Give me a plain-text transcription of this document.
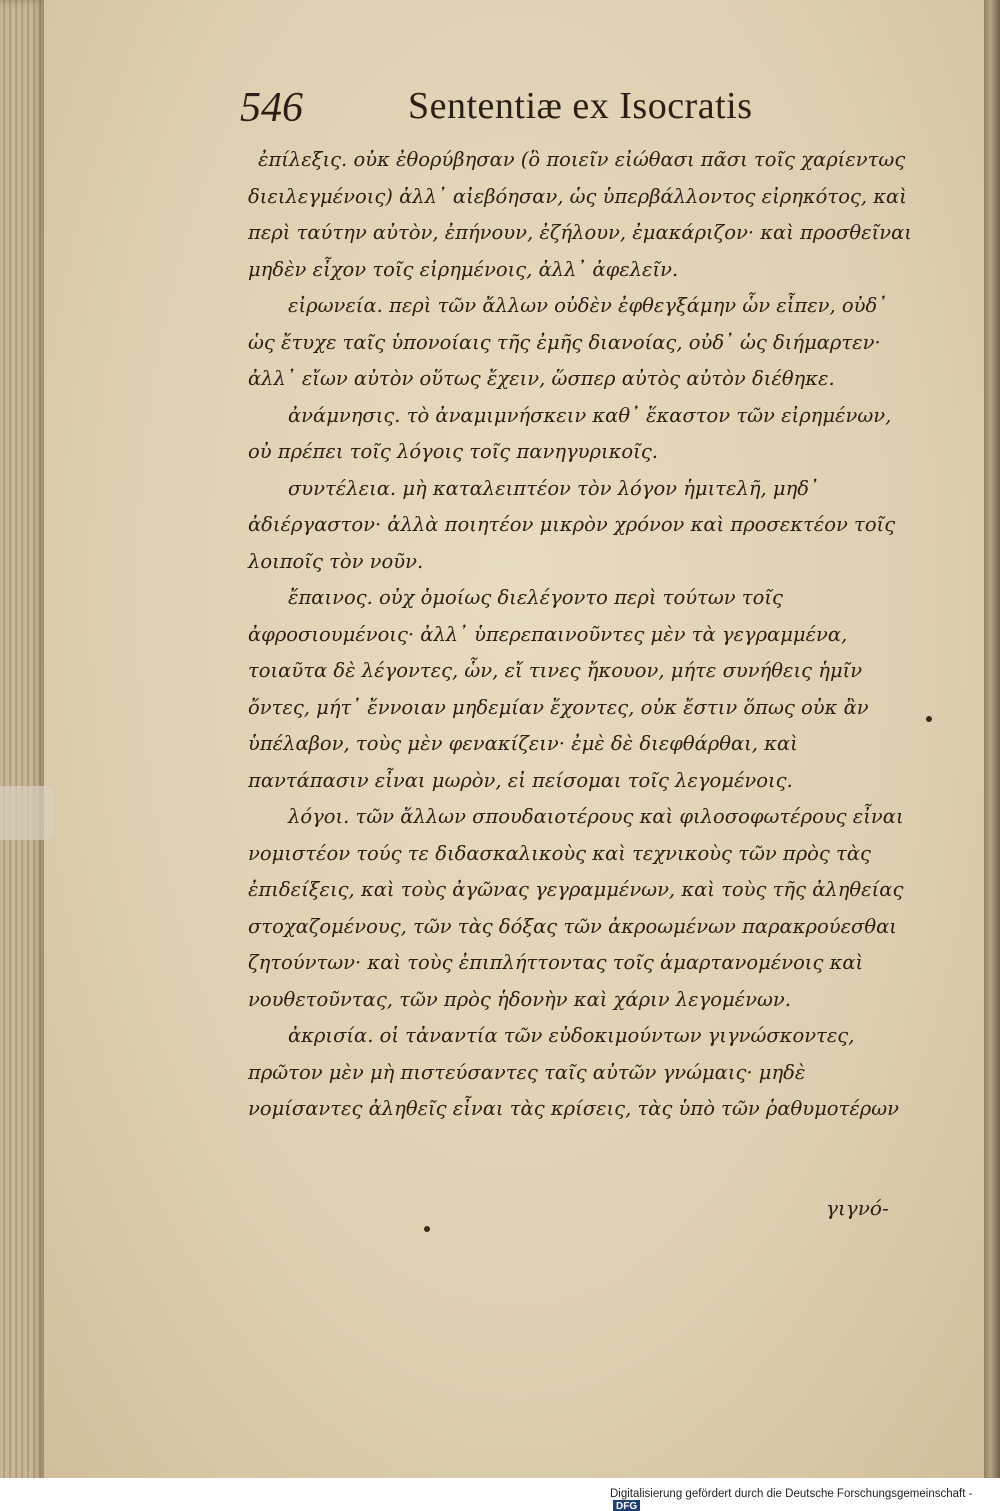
546	Sententiæ ex Isocratis

ἐπίλεξις. οὐκ ἐθορύβησαν (ὃ ποιεῖν εἰώθασι πᾶσι τοῖς χαρίεντως διειλεγμένοις) ἀλλ᾽ αἰεβόησαν, ὡς ὑπερβάλλοντος εἰρηκότος, καὶ περὶ ταύτην αὐτὸν, ἐπήνουν, ἐζήλουν, ἐμακάριζον· καὶ προσθεῖναι μηδὲν εἶχον τοῖς εἰρημένοις, ἀλλ᾽ ἀφελεῖν.

εἰρωνεία. περὶ τῶν ἄλλων οὐδὲν ἐφθεγξάμην ὧν εἶπεν, οὐδ᾽ ὡς ἔτυχε ταῖς ὑπονοίαις τῆς ἐμῆς διανοίας, οὐδ᾽ ὡς διήμαρτεν· ἀλλ᾽ εἴων αὐτὸν οὕτως ἔχειν, ὥσπερ αὐτὸς αὐτὸν διέθηκε.

ἀνάμνησις. τὸ ἀναμιμνήσκειν καθ᾽ ἕκαστον τῶν εἰρημένων, οὐ πρέπει τοῖς λόγοις τοῖς πανηγυρικοῖς.

συντέλεια. μὴ καταλειπτέον τὸν λόγον ἡμιτελῆ, μηδ᾽ ἀδιέργαστον· ἀλλὰ ποιητέον μικρὸν χρόνον καὶ προσεκτέον τοῖς λοιποῖς τὸν νοῦν.

ἔπαινος. οὐχ ὁμοίως διελέγοντο περὶ τούτων τοῖς ἀφροσιουμένοις· ἀλλ᾽ ὑπερεπαινοῦντες μὲν τὰ γεγραμμένα, τοιαῦτα δὲ λέγοντες, ὧν, εἴ τινες ἤκουον, μήτε συνήθεις ἡμῖν ὄντες, μήτ᾽ ἔννοιαν μηδεμίαν ἔχοντες, οὐκ ἔστιν ὅπως οὐκ ἂν ὑπέλαβον, τοὺς μὲν φενακίζειν· ἐμὲ δὲ διεφθάρθαι, καὶ παντάπασιν εἶναι μωρὸν, εἰ πείσομαι τοῖς λεγομένοις.

λόγοι. τῶν ἄλλων σπουδαιοτέρους καὶ φιλοσοφωτέρους εἶναι νομιστέον τούς τε διδασκαλικοὺς καὶ τεχνικοὺς τῶν πρὸς τὰς ἐπιδείξεις, καὶ τοὺς ἀγῶνας γεγραμμένων, καὶ τοὺς τῆς ἀληθείας στοχαζομένους, τῶν τὰς δόξας τῶν ἀκροωμένων παρακρούεσθαι ζητούντων· καὶ τοὺς ἐπιπλήττοντας τοῖς ἁμαρτανομένοις καὶ νουθετοῦντας, τῶν πρὸς ἡδονὴν καὶ χάριν λεγομένων.

ἀκρισία. οἱ τἀναντία τῶν εὐδοκιμούντων γιγνώσκοντες, πρῶτον μὲν μὴ πιστεύσαντες ταῖς αὐτῶν γνώμαις· μηδὲ νομίσαντες ἀληθεῖς εἶναι τὰς κρίσεις, τὰς ὑπὸ τῶν ῥαθυμοτέρων

γιγνό-
Digitalisierung gefördert durch die Deutsche Forschungsgemeinschaft -DFG
